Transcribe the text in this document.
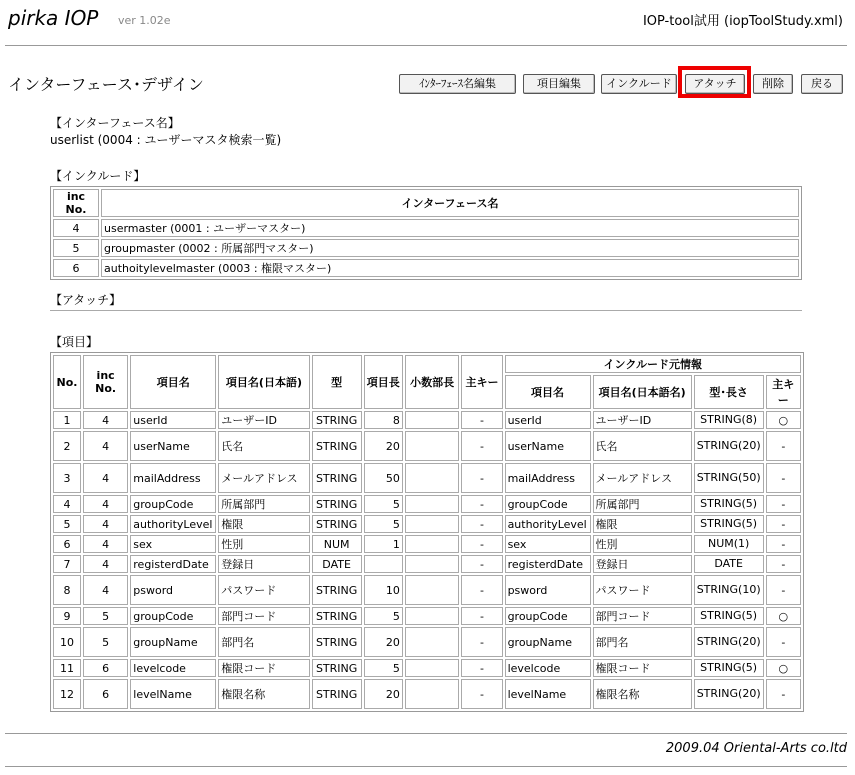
pirka IOP ver 1.02e	IOP-tool試用 (iopToolStudy.xml)
インターフェース･デザイン	ｲﾝﾀｰﾌｪｰｽ名編集	項目編集	インクルード	アタッチ	削除	戻る
【インターフェース名】
userlist (0004 : ユーザーマスタ検索一覧)
【インクルード】
inc No.	インターフェース名
4	usermaster (0001 : ユーザーマスター)
5	groupmaster (0002 : 所属部門マスター)
6	authoitylevelmaster (0003 : 権限マスター)
【アタッチ】
【項目】
No.	inc No.	項目名	項目名(日本語)	型	項目長	小数部長	主キー	インクルード元情報			
								項目名	項目名(日本語名)	型･長さ	主キー
1	4	userId	ユーザーID	STRING	8		-	userId	ユーザーID	STRING(8)	○
2	4	userName	氏名	STRING	20		-	userName	氏名	STRING(20)	-
3	4	mailAddress	メールアドレス	STRING	50		-	mailAddress	メールアドレス	STRING(50)	-
4	4	groupCode	所属部門	STRING	5		-	groupCode	所属部門	STRING(5)	-
5	4	authorityLevel	権限	STRING	5		-	authorityLevel	権限	STRING(5)	-
6	4	sex	性別	NUM	1		-	sex	性別	NUM(1)	-
7	4	registerdDate	登録日	DATE			-	registerdDate	登録日	DATE	-
8	4	psword	パスワード	STRING	10		-	psword	パスワード	STRING(10)	-
9	5	groupCode	部門コード	STRING	5		-	groupCode	部門コード	STRING(5)	○
10	5	groupName	部門名	STRING	20		-	groupName	部門名	STRING(20)	-
11	6	levelcode	権限コード	STRING	5		-	levelcode	権限コード	STRING(5)	○
12	6	levelName	権限名称	STRING	20		-	levelName	権限名称	STRING(20)	-
2009.04 Oriental-Arts co.ltd
